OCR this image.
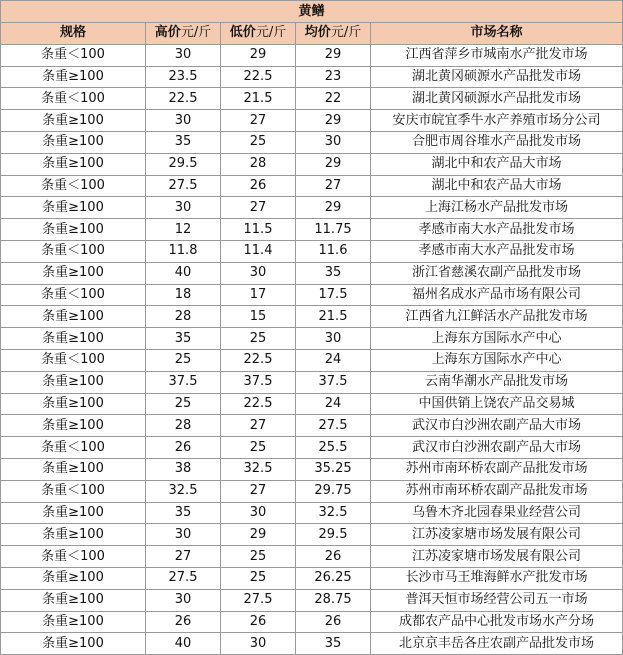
黄鳝				
规格	高价元/斤	低价元/斤	均价元/斤	市场名称
条重＜100	30	29	29	江西省萍乡市城南水产批发市场
条重≥100	23.5	22.5	23	湖北黄冈硕源水产品批发市场
条重＜100	22.5	21.5	22	湖北黄冈硕源水产品批发市场
条重≥100	30	27	29	安庆市皖宜季牛水产养殖市场分公司
条重≥100	35	25	30	合肥市周谷堆水产品批发市场
条重≥100	29.5	28	29	湖北中和农产品大市场
条重＜100	27.5	26	27	湖北中和农产品大市场
条重≥100	30	27	29	上海江杨水产品批发市场
条重≥100	12	11.5	11.75	孝感市南大水产品批发市场
条重＜100	11.8	11.4	11.6	孝感市南大水产品批发市场
条重≥100	40	30	35	浙江省慈溪农副产品批发市场
条重＜100	18	17	17.5	福州名成水产品市场有限公司
条重≥100	28	15	21.5	江西省九江鲜活水产品批发市场
条重≥100	35	25	30	上海东方国际水产中心
条重＜100	25	22.5	24	上海东方国际水产中心
条重≥100	37.5	37.5	37.5	云南华潮水产品批发市场
条重≥100	25	22.5	24	中国供销上饶农产品交易城
条重≥100	28	27	27.5	武汉市白沙洲农副产品大市场
条重＜100	26	25	25.5	武汉市白沙洲农副产品大市场
条重≥100	38	32.5	35.25	苏州市南环桥农副产品批发市场
条重＜100	32.5	27	29.75	苏州市南环桥农副产品批发市场
条重≥100	35	30	32.5	乌鲁木齐北园春果业经营公司
条重≥100	30	29	29.5	江苏凌家塘市场发展有限公司
条重＜100	27	25	26	江苏凌家塘市场发展有限公司
条重≥100	27.5	25	26.25	长沙市马王堆海鲜水产批发市场
条重≥100	30	27.5	28.75	普洱天恒市场经营公司五一市场
条重≥100	26	26	26	成都农产品中心批发市场水产分场
条重≥100	40	30	35	北京京丰岳各庄农副产品批发市场
